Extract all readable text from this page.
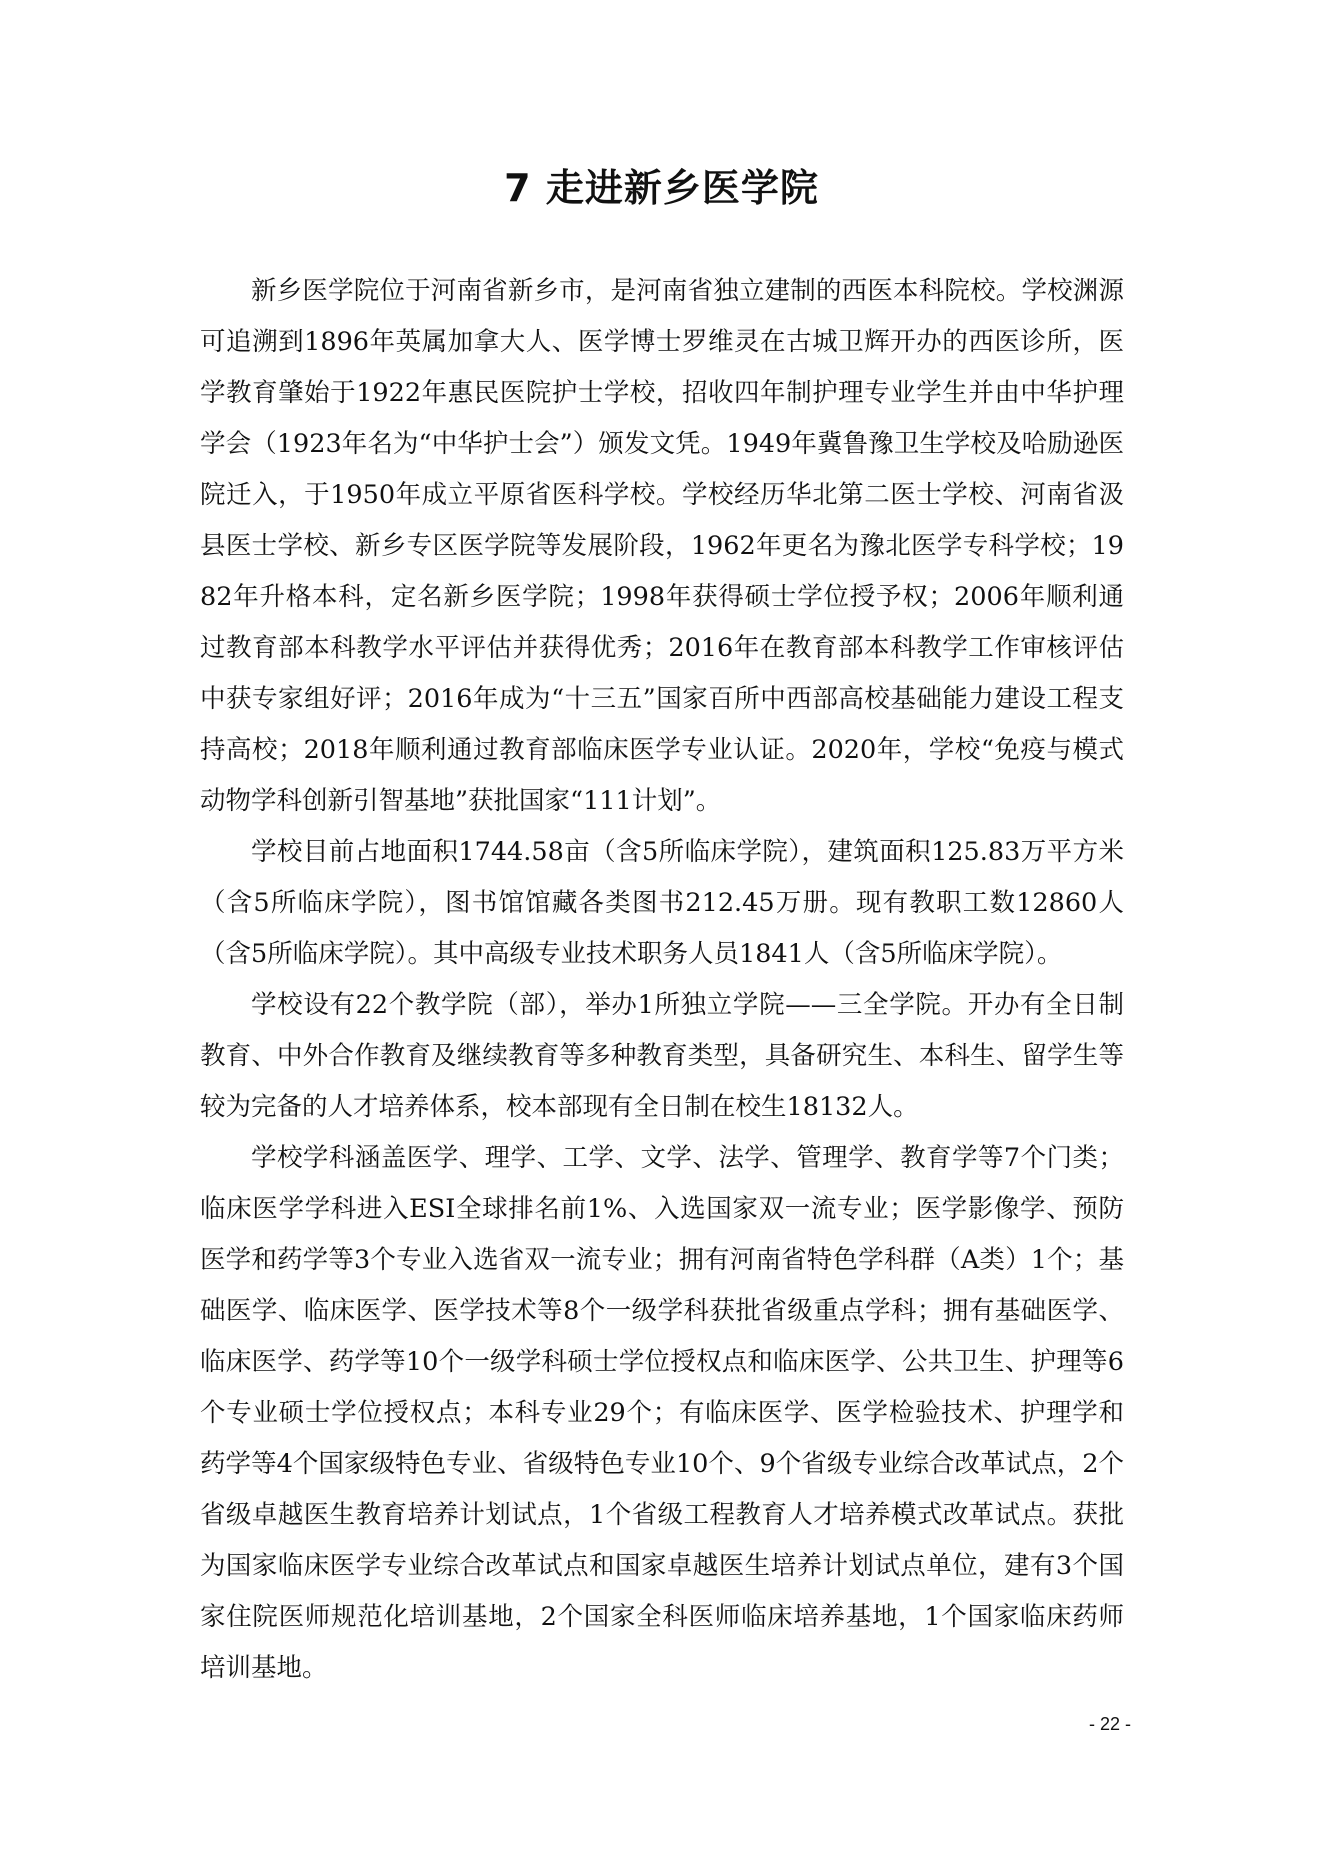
7 走进新乡医学院

新乡医学院位于河南省新乡市，是河南省独立建制的西医本科院校。学校渊源可追溯到1896年英属加拿大人、医学博士罗维灵在古城卫辉开办的西医诊所，医学教育肇始于1922年惠民医院护士学校，招收四年制护理专业学生并由中华护理学会（1923年名为“中华护士会”）颁发文凭。1949年冀鲁豫卫生学校及哈励逊医院迁入，于1950年成立平原省医科学校。学校经历华北第二医士学校、河南省汲县医士学校、新乡专区医学院等发展阶段，1962年更名为豫北医学专科学校；1982年升格本科，定名新乡医学院；1998年获得硕士学位授予权；2006年顺利通过教育部本科教学水平评估并获得优秀；2016年在教育部本科教学工作审核评估中获专家组好评；2016年成为“十三五”国家百所中西部高校基础能力建设工程支持高校；2018年顺利通过教育部临床医学专业认证。2020年，学校“免疫与模式动物学科创新引智基地”获批国家“111计划”。

学校目前占地面积1744.58亩（含5所临床学院），建筑面积125.83万平方米（含5所临床学院），图书馆馆藏各类图书212.45万册。现有教职工数12860人（含5所临床学院）。其中高级专业技术职务人员1841人（含5所临床学院）。

学校设有22个教学院（部），举办1所独立学院——三全学院。开办有全日制教育、中外合作教育及继续教育等多种教育类型，具备研究生、本科生、留学生等较为完备的人才培养体系，校本部现有全日制在校生18132人。

学校学科涵盖医学、理学、工学、文学、法学、管理学、教育学等7个门类；临床医学学科进入ESI全球排名前1%、入选国家双一流专业；医学影像学、预防医学和药学等3个专业入选省双一流专业；拥有河南省特色学科群（A类）1个；基础医学、临床医学、医学技术等8个一级学科获批省级重点学科；拥有基础医学、临床医学、药学等10个一级学科硕士学位授权点和临床医学、公共卫生、护理等6个专业硕士学位授权点；本科专业29个；有临床医学、医学检验技术、护理学和药学等4个国家级特色专业、省级特色专业10个、9个省级专业综合改革试点，2个省级卓越医生教育培养计划试点，1个省级工程教育人才培养模式改革试点。获批为国家临床医学专业综合改革试点和国家卓越医生培养计划试点单位，建有3个国家住院医师规范化培训基地，2个国家全科医师临床培养基地，1个国家临床药师培训基地。

- 22 -
